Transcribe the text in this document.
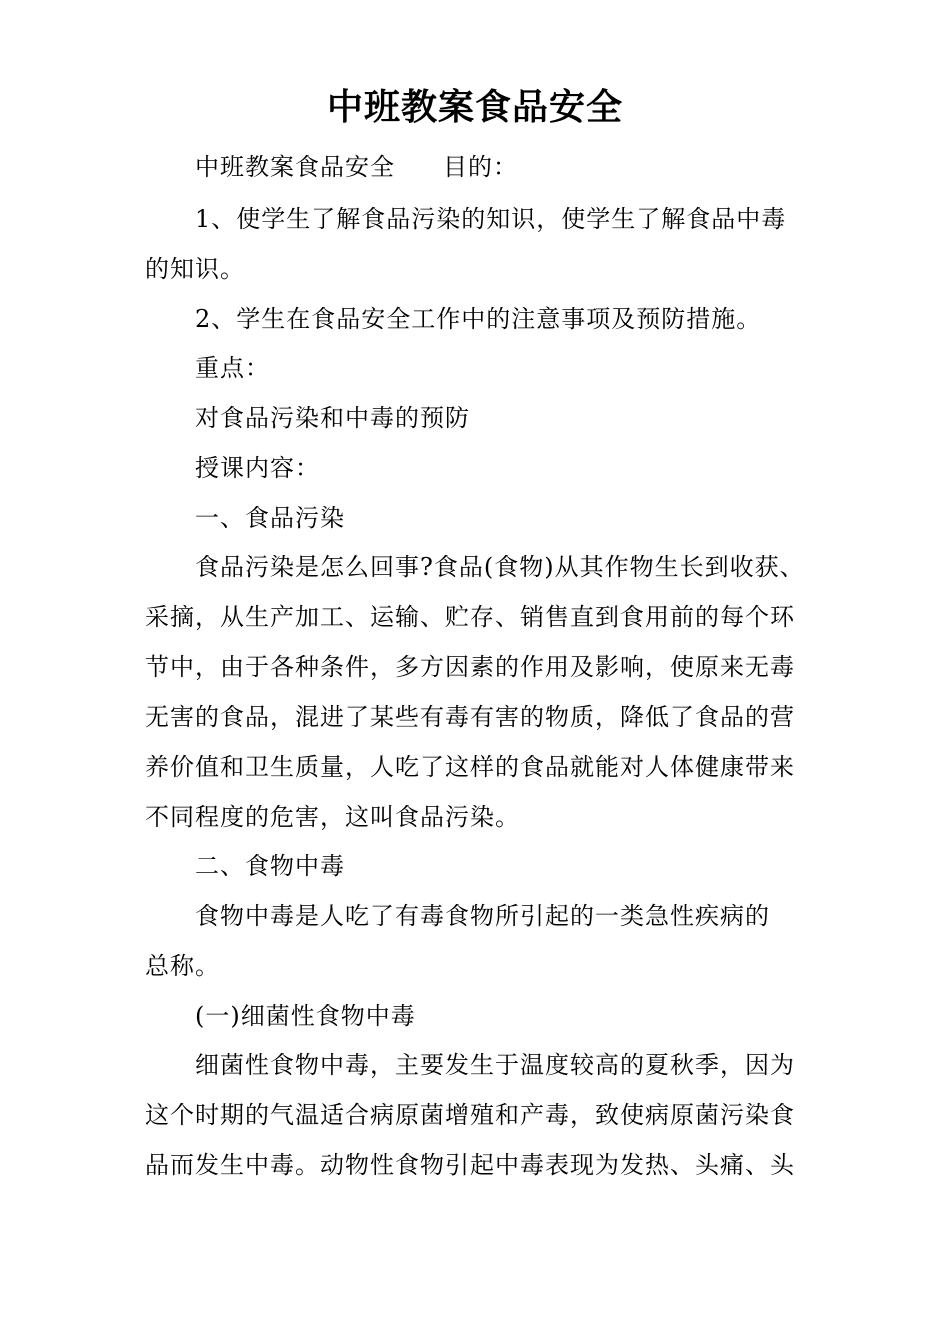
中班教案食品安全
中班教案食品安全 目的：
1、使学生了解食品污染的知识，使学生了解食品中毒
的知识。
2、学生在食品安全工作中的注意事项及预防措施。
重点：
对食品污染和中毒的预防
授课内容：
一、食品污染
食品污染是怎么回事?食品(食物)从其作物生长到收获、
采摘，从生产加工、运输、贮存、销售直到食用前的每个环
节中，由于各种条件，多方因素的作用及影响，使原来无毒
无害的食品，混进了某些有毒有害的物质，降低了食品的营
养价值和卫生质量，人吃了这样的食品就能对人体健康带来
不同程度的危害，这叫食品污染。
二、食物中毒
食物中毒是人吃了有毒食物所引起的一类急性疾病的
总称。
(一)细菌性食物中毒
细菌性食物中毒，主要发生于温度较高的夏秋季，因为
这个时期的气温适合病原菌增殖和产毒，致使病原菌污染食
品而发生中毒。动物性食物引起中毒表现为发热、头痛、头
